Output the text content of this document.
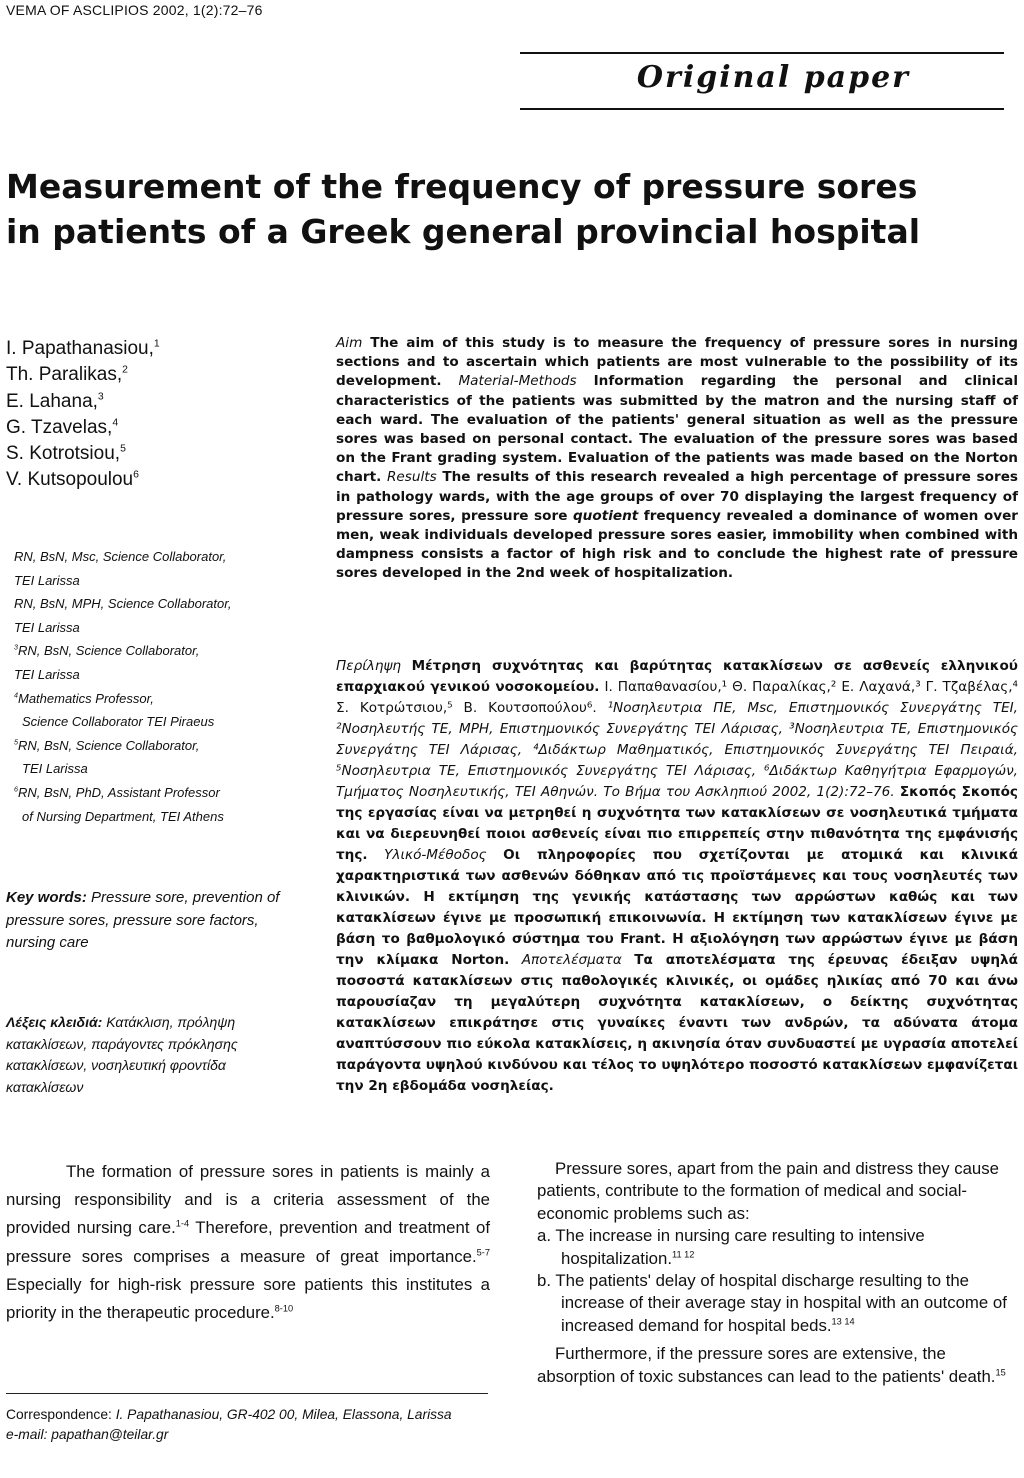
VEMA OF ASCLIPIOS 2002, 1(2):72–76
Original paper
Measurement of the frequency of pressure sores
in patients of a Greek general provincial hospital
I. Papathanasiou,$^1$
Th. Paralikas,$^2$
E. Lahana,$^3$
G. Tzavelas,$^4$
S. Kotrotsiou,$^5$
V. Kutsopoulou$^6$
RN, BsN, Msc, Science Collaborator,
TEI Larissa
RN, BsN, MPH, Science Collaborator,
TEI Larissa
$^3$RN, BsN, Science Collaborator,
TEI Larissa
$^4$Mathematics Professor,
Science Collaborator TEI Piraeus
$^5$RN, BsN, Science Collaborator,
TEI Larissa
$^6$RN, BsN, PhD, Assistant Professor
of Nursing Department, TEI Athens
Key words: Pressure sore, prevention of pressure sores, pressure sore factors, nursing care
Λέξεις κλειδιά: Κατάκλιση, πρόληψη κατακλίσεων, παράγοντες πρόκλησης κατακλίσεων, νοσηλευτική φροντίδα κατακλίσεων
Aim The aim of this study is to measure the frequency of pressure sores in nursing sections and to ascertain which patients are most vulnerable to the possibility of its development. Material-Methods Information regarding the personal and clinical characteristics of the patients was submitted by the matron and the nursing staff of each ward. The evaluation of the patients' general situation as well as the pressure sores was based on personal contact. The evaluation of the pressure sores was based on the Frant grading system. Evaluation of the patients was made based on the Norton chart. Results The results of this research revealed a high percentage of pressure sores in pathology wards, with the age groups of over 70 displaying the largest frequency of pressure sores, pressure sore quotient frequency revealed a dominance of women over men, weak individuals developed pressure sores easier, immobility when combined with dampness consists a factor of high risk and to conclude the highest rate of pressure sores developed in the 2nd week of hospitalization.
Περίληψη Μέτρηση συχνότητας και βαρύτητας κατακλίσεων σε ασθενείς ελληνικού επαρχιακού γενικού νοσοκομείου. Ι. Παπαθανασίου,¹ Θ. Παραλίκας,² Ε. Λαχανά,³ Γ. Τζαβέλας,⁴ Σ. Κοτρώτσιου,⁵ Β. Κουτσοπούλου⁶. ¹Νοσηλευτρια ΠΕ, Msc, Επιστημονικός Συνεργάτης ΤΕΙ, ²Νοσηλευτής ΤΕ, MPH, Επιστημονικός Συνεργάτης ΤΕΙ Λάρισας, ³Νοσηλευτρια ΤΕ, Επιστημονικός Συνεργάτης ΤΕΙ Λάρισας, ⁴Διδάκτωρ Μαθηματικός, Επιστημονικός Συνεργάτης ΤΕΙ Πειραιά, ⁵Νοσηλευτρια ΤΕ, Επιστημονικός Συνεργάτης ΤΕΙ Λάρισας, ⁶Διδάκτωρ Καθηγήτρια Εφαρμογών, Τμήματος Νοσηλευτικής, ΤΕΙ Αθηνών. Το Βήμα του Ασκληπιού 2002, 1(2):72–76. Σκοπός Σκοπός της εργασίας είναι να μετρηθεί η συχνότητα των κατακλίσεων σε νοσηλευτικά τμήματα και να διερευνηθεί ποιοι ασθενείς είναι πιο επιρρεπείς στην πιθανότητα της εμφάνισής της. Υλικό-Μέθοδος Οι πληροφορίες που σχετίζονται με ατομικά και κλινικά χαρακτηριστικά των ασθενών δόθηκαν από τις προϊστάμενες και τους νοσηλευτές των κλινικών. Η εκτίμηση της γενικής κατάστασης των αρρώστων καθώς και των κατακλίσεων έγινε με προσωπική επικοινωνία. Η εκτίμηση των κατακλίσεων έγινε με βάση το βαθμολογικό σύστημα του Frant. Η αξιολόγηση των αρρώστων έγινε με βάση την κλίμακα Norton. Αποτελέσματα Τα αποτελέσματα της έρευνας έδειξαν υψηλά ποσοστά κατακλίσεων στις παθολογικές κλινικές, οι ομάδες ηλικίας από 70 και άνω παρουσίαζαν τη μεγαλύτερη συχνότητα κατακλίσεων, ο δείκτης συχνότητας κατακλίσεων επικράτησε στις γυναίκες έναντι των ανδρών, τα αδύνατα άτομα αναπτύσσουν πιο εύκολα κατακλίσεις, η ακινησία όταν συνδυαστεί με υγρασία αποτελεί παράγοντα υψηλού κινδύνου και τέλος το υψηλότερο ποσοστό κατακλίσεων εμφανίζεται την 2η εβδομάδα νοσηλείας.
The formation of pressure sores in patients is mainly a nursing responsibility and is a criteria assessment of the provided nursing care.$^{1-4}$ Therefore, prevention and treatment of pressure sores comprises a measure of great importance.$^{5-7}$ Especially for high-risk pressure sore patients this institutes a priority in the therapeutic procedure.$^{8-10}$
Correspondence: I. Papathanasiou, GR-402 00, Milea, Elassona, Larissa
e-mail: papathan@teilar.gr

Pressure sores, apart from the pain and distress they cause patients, contribute to the formation of medical and social-economic problems such as:

a. The increase in nursing care resulting to intensive hospitalization.$^{11 12}$

b. The patients' delay of hospital discharge resulting to the increase of their average stay in hospital with an outcome of increased demand for hospital beds.$^{13 14}$

Furthermore, if the pressure sores are extensive, the absorption of toxic substances can lead to the patients' death.$^{15}$
